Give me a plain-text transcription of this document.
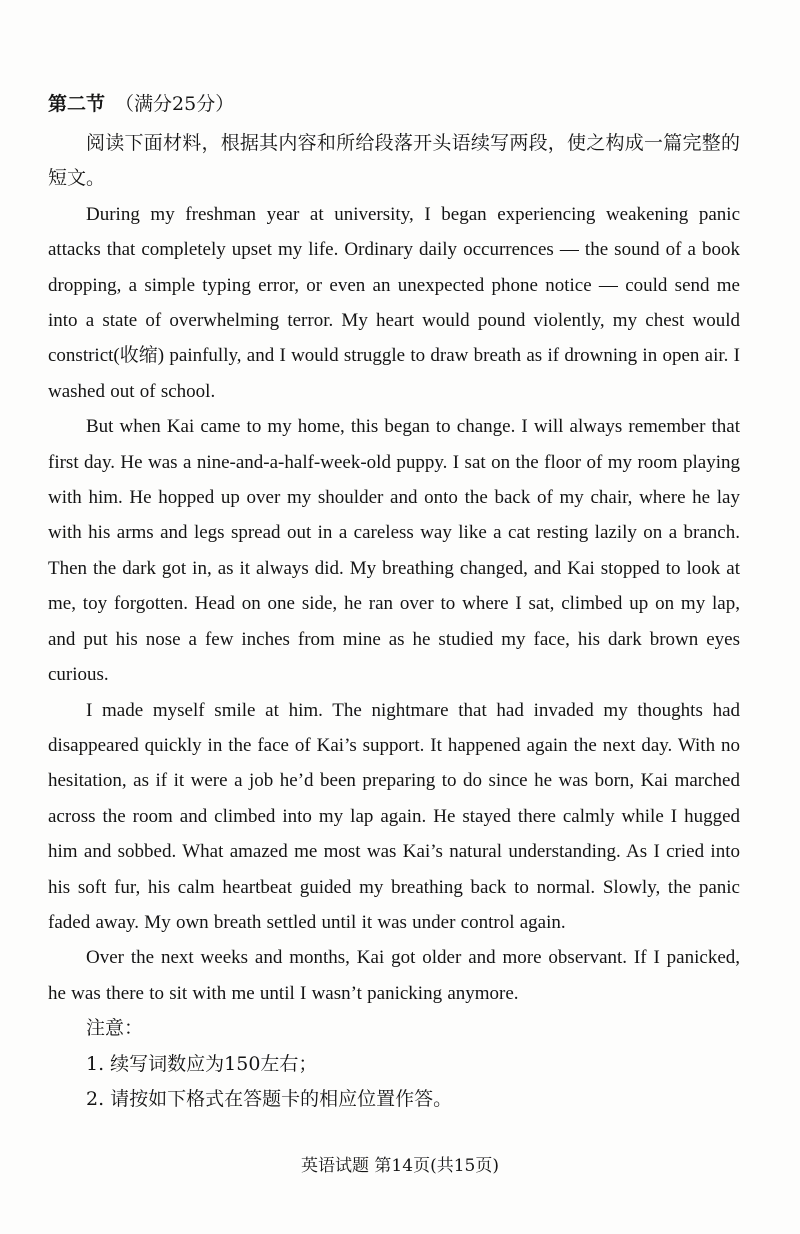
第二节 （满分25分）

阅读下面材料，根据其内容和所给段落开头语续写两段，使之构成一篇完整的短文。

During my freshman year at university, I began experiencing weakening panic attacks that completely upset my life. Ordinary daily occurrences — the sound of a book dropping, a simple typing error, or even an unexpected phone notice — could send me into a state of overwhelming terror. My heart would pound violently, my chest would constrict(收缩) painfully, and I would struggle to draw breath as if drowning in open air. I washed out of school.

But when Kai came to my home, this began to change. I will always remember that first day. He was a nine-and-a-half-week-old puppy. I sat on the floor of my room playing with him. He hopped up over my shoulder and onto the back of my chair, where he lay with his arms and legs spread out in a careless way like a cat resting lazily on a branch. Then the dark got in, as it always did. My breathing changed, and Kai stopped to look at me, toy forgotten. Head on one side, he ran over to where I sat, climbed up on my lap, and put his nose a few inches from mine as he studied my face, his dark brown eyes curious.

I made myself smile at him. The nightmare that had invaded my thoughts had disappeared quickly in the face of Kai’s support. It happened again the next day. With no hesitation, as if it were a job he’d been preparing to do since he was born, Kai marched across the room and climbed into my lap again. He stayed there calmly while I hugged him and sobbed. What amazed me most was Kai’s natural understanding. As I cried into his soft fur, his calm heartbeat guided my breathing back to normal. Slowly, the panic faded away. My own breath settled until it was under control again.

Over the next weeks and months, Kai got older and more observant. If I panicked, he was there to sit with me until I wasn’t panicking anymore.

注意：

1. 续写词数应为150左右；

2. 请按如下格式在答题卡的相应位置作答。

英语试题 第14页(共15页)
